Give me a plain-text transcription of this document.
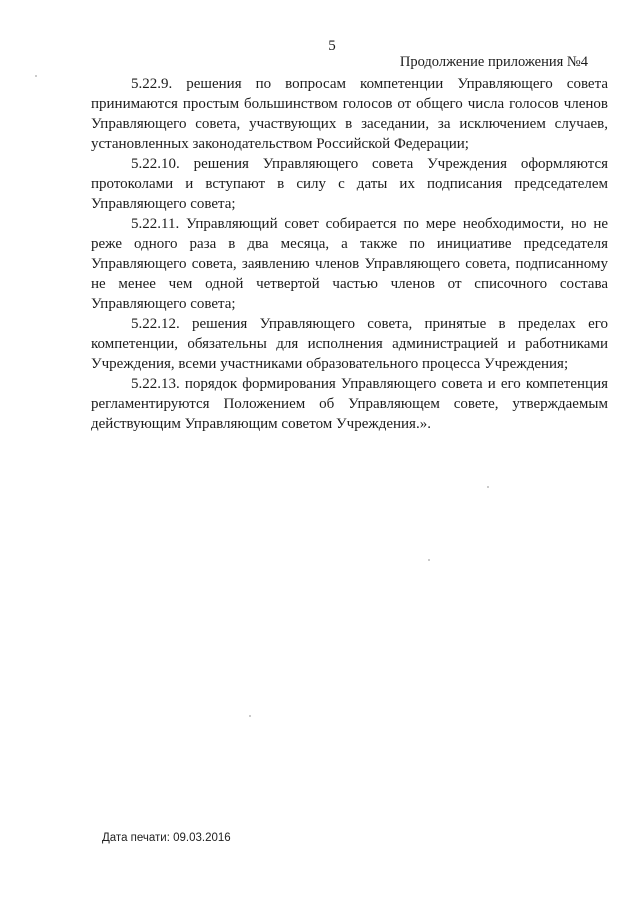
5
Продолжение приложения №4

5.22.9. решения по вопросам компетенции Управляющего совета принимаются простым большинством голосов от общего числа голосов членов Управляющего совета, участвующих в заседании, за исключением случаев, установленных законодательством Российской Федерации;

5.22.10. решения Управляющего совета Учреждения оформляются протоколами и вступают в силу с даты их подписания председателем Управляющего совета;

5.22.11. Управляющий совет собирается по мере необходимости, но не реже одного раза в два месяца, а также по инициативе председателя Управляющего совета, заявлению членов Управляющего совета, подписанному не менее чем одной четвертой частью членов от списочного состава Управляющего совета;

5.22.12. решения Управляющего совета, принятые в пределах его компетенции, обязательны для исполнения администрацией и работниками Учреждения, всеми участниками образовательного процесса Учреждения;

5.22.13. порядок формирования Управляющего совета и его компетенция регламентируются Положением об Управляющем совете, утверждаемым действующим Управляющим советом Учреждения.».

Дата печати: 09.03.2016
